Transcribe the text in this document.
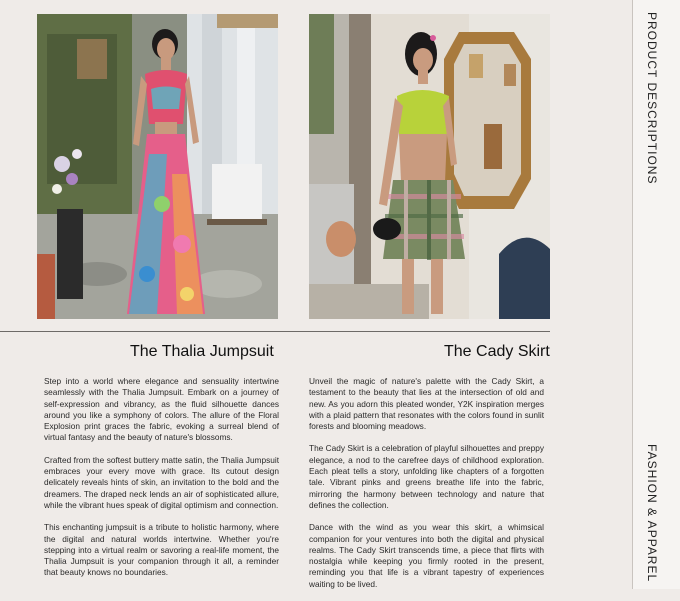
The Thalia Jumpsuit	The Cady Skirt

Step into a world where elegance and sensuality intertwine seamlessly with the Thalia Jumpsuit. Embark on a journey of self-expression and vibrancy, as the fluid silhouette dances around you like a symphony of colors. The allure of the Floral Explosion print graces the fabric, evoking a surreal blend of virtual fantasy and the beauty of nature's blossoms.

Crafted from the softest buttery matte satin, the Thalia Jumpsuit embraces your every move with grace. Its cutout design delicately reveals hints of skin, an invitation to the bold and the dreamers. The draped neck lends an air of sophisticated allure, while the vibrant hues speak of digital optimism and connection.

This enchanting jumpsuit is a tribute to holistic harmony, where the digital and natural worlds intertwine. Whether you're stepping into a virtual realm or savoring a real-life moment, the Thalia Jumpsuit is your companion through it all, a reminder that beauty knows no boundaries.

Unveil the magic of nature's palette with the Cady Skirt, a testament to the beauty that lies at the intersection of old and new. As you adorn this pleated wonder, Y2K inspiration merges with a plaid pattern that resonates with the colors found in sunlit forests and blooming meadows.

The Cady Skirt is a celebration of playful silhouettes and preppy elegance, a nod to the carefree days of childhood exploration. Each pleat tells a story, unfolding like chapters of a forgotten tale. Vibrant pinks and greens breathe life into the fabric, mirroring the harmony between technology and nature that defines the collection.

Dance with the wind as you wear this skirt, a whimsical companion for your ventures into both the digital and physical realms. The Cady Skirt transcends time, a piece that flirts with nostalgia while keeping you firmly rooted in the present, reminding you that life is a vibrant tapestry of experiences waiting to be lived.

PRODUCT DESCRIPTIONS
FASHION & APPAREL
